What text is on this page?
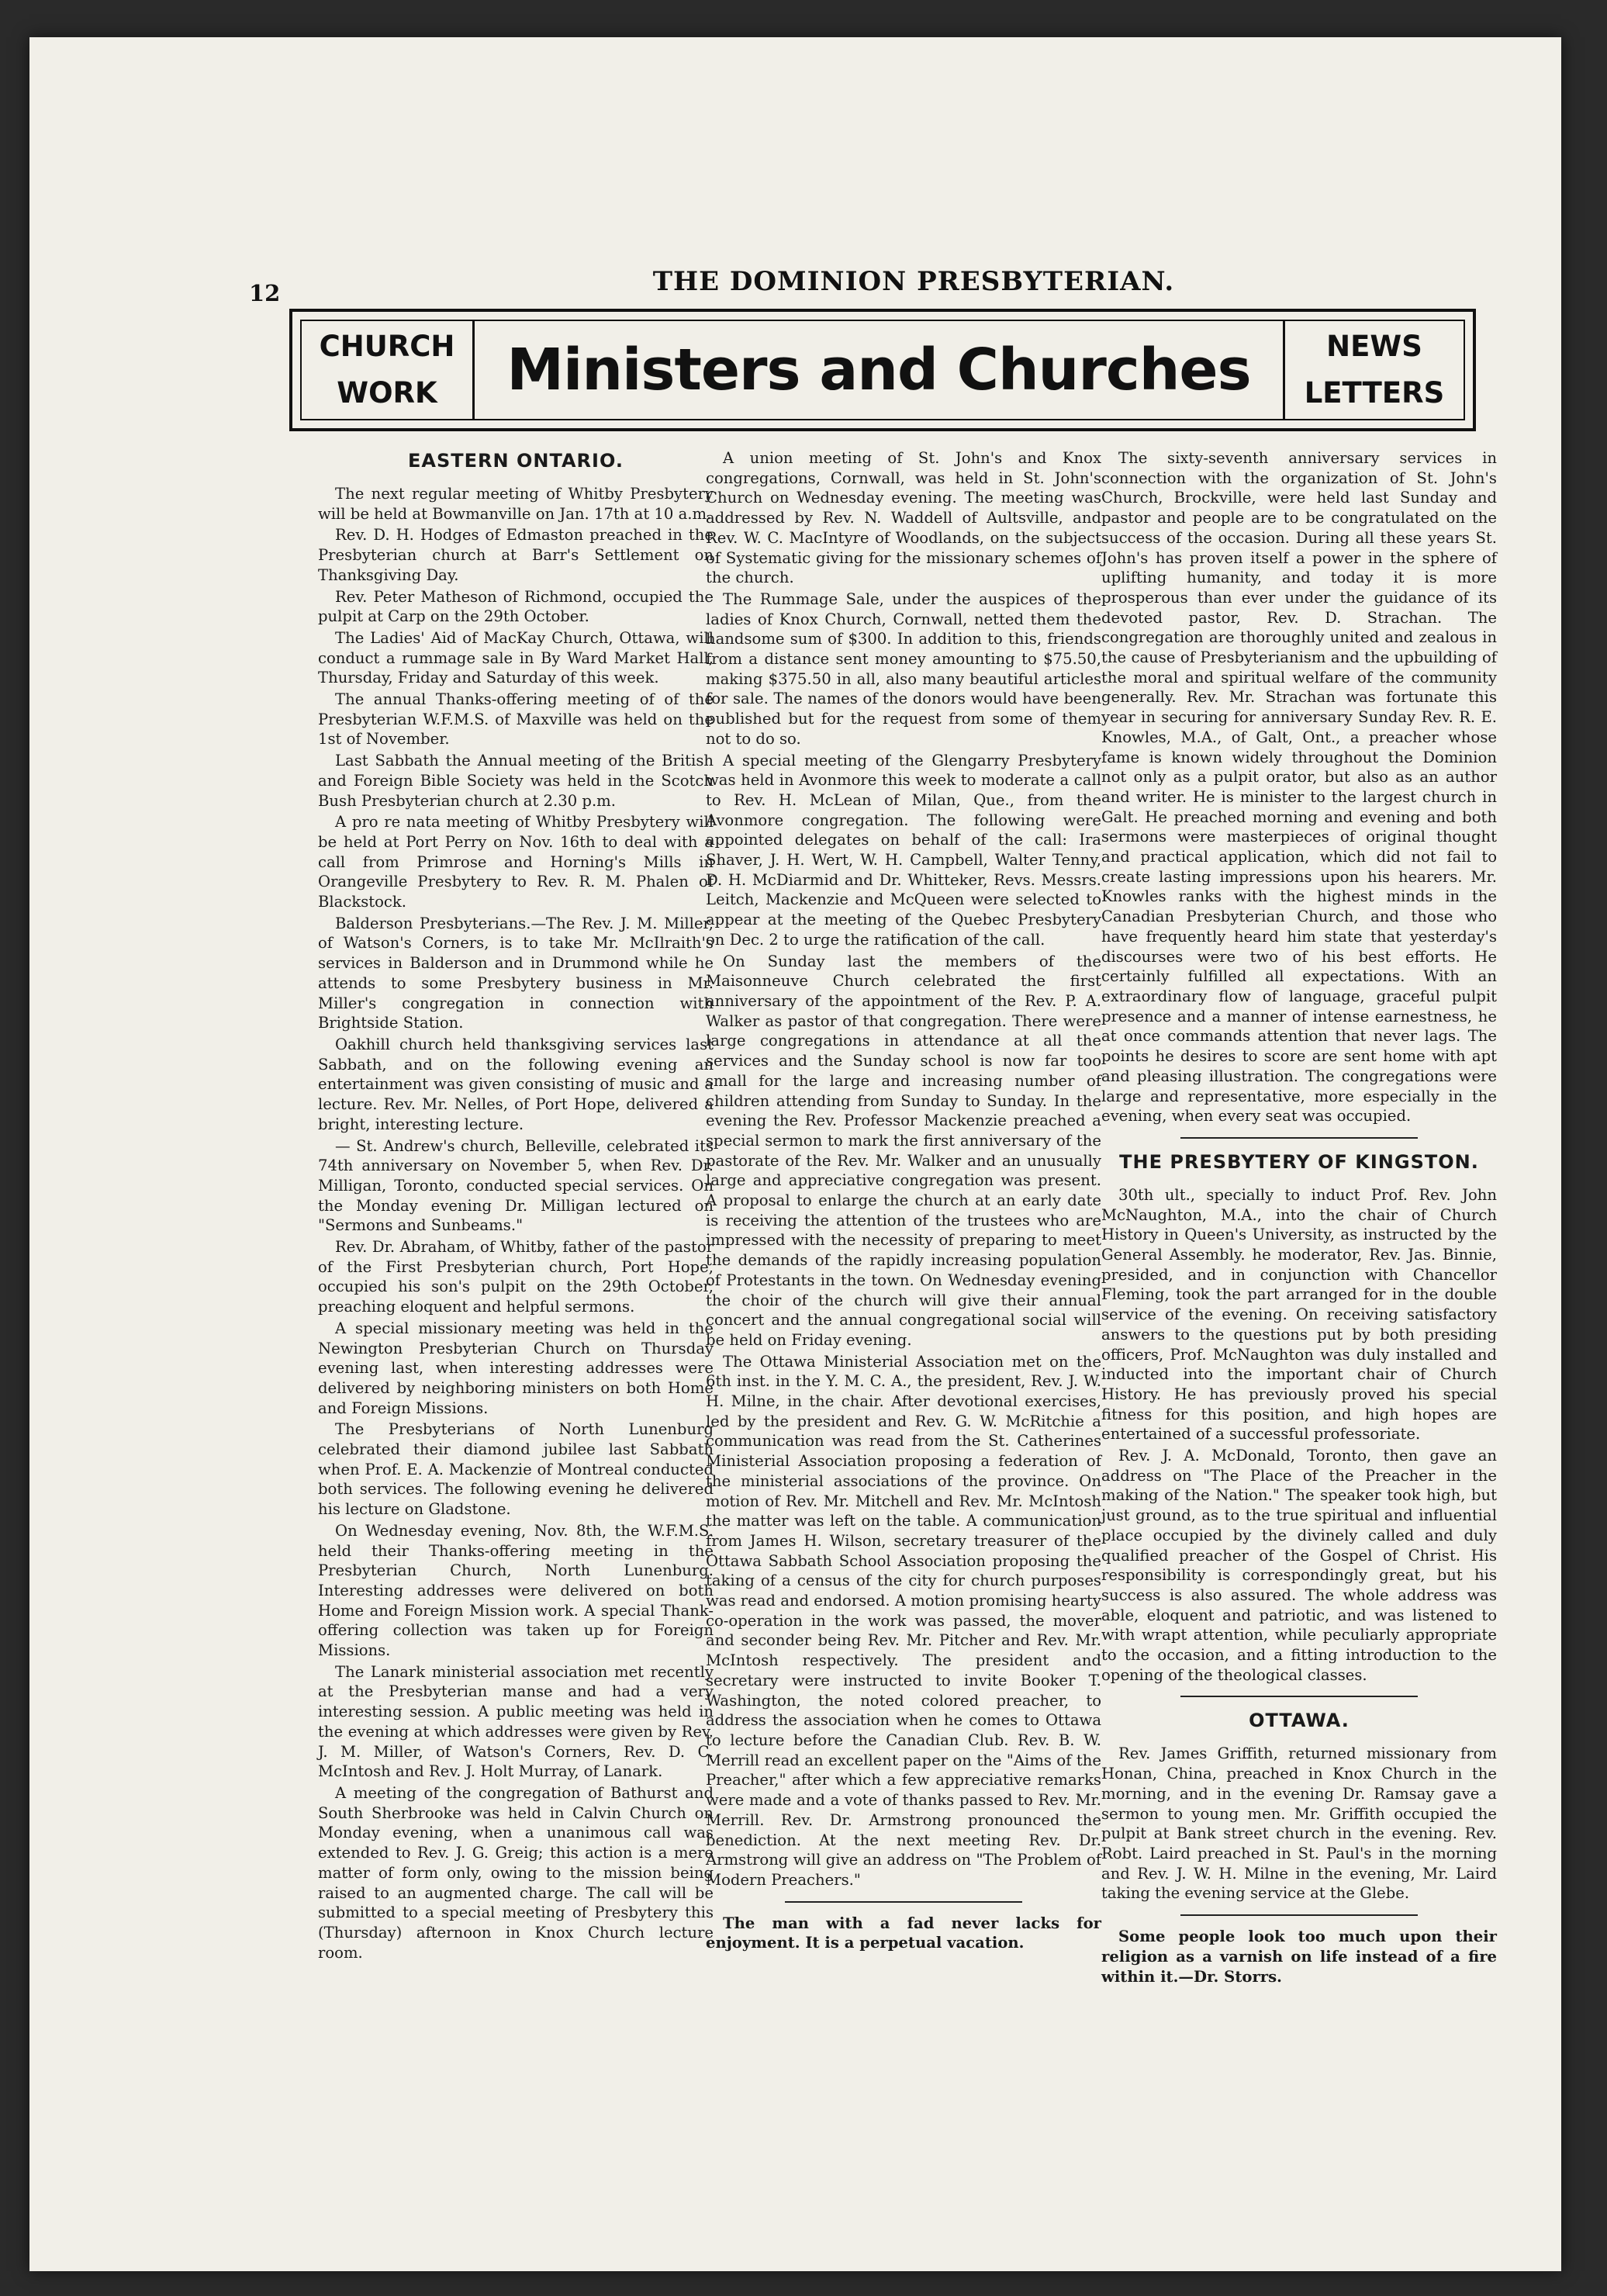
12	THE DOMINION PRESBYTERIAN.
CHURCH
WORK	Ministers and Churches	NEWS
LETTERS
EASTERN ONTARIO.

The next regular meeting of Whitby Presbytery will be held at Bowmanville on Jan. 17th at 10 a.m.

Rev. D. H. Hodges of Edmaston preached in the Presbyterian church at Barr's Settlement on Thanksgiving Day.

Rev. Peter Matheson of Richmond, occupied the pulpit at Carp on the 29th October.

The Ladies' Aid of MacKay Church, Ottawa, will conduct a rummage sale in By Ward Market Hall, Thursday, Friday and Saturday of this week.

The annual Thanks-offering meeting of of the Presbyterian W.F.M.S. of Maxville was held on the 1st of November.

Last Sabbath the Annual meeting of the British and Foreign Bible Society was held in the Scotch Bush Presbyterian church at 2.30 p.m.

A pro re nata meeting of Whitby Presbytery will be held at Port Perry on Nov. 16th to deal with a call from Primrose and Horning's Mills in Orangeville Presbytery to Rev. R. M. Phalen of Blackstock.

Balderson Presbyterians.—The Rev. J. M. Miller, of Watson's Corners, is to take Mr. McIlraith's services in Balderson and in Drummond while he attends to some Presbytery business in Mr. Miller's congregation in connection with Brightside Station.

Oakhill church held thanksgiving services last Sabbath, and on the following evening an entertainment was given consisting of music and a lecture. Rev. Mr. Nelles, of Port Hope, delivered a bright, interesting lecture.

— St. Andrew's church, Belleville, celebrated its 74th anniversary on November 5, when Rev. Dr. Milligan, Toronto, conducted special services. On the Monday evening Dr. Milligan lectured on "Sermons and Sunbeams."

Rev. Dr. Abraham, of Whitby, father of the pastor of the First Presbyterian church, Port Hope, occupied his son's pulpit on the 29th October, preaching eloquent and helpful sermons.

A special missionary meeting was held in the Newington Presbyterian Church on Thursday evening last, when interesting addresses were delivered by neighboring ministers on both Home and Foreign Missions.

The Presbyterians of North Lunenburg celebrated their diamond jubilee last Sabbath when Prof. E. A. Mackenzie of Montreal conducted both services. The following evening he delivered his lecture on Gladstone.

On Wednesday evening, Nov. 8th, the W.F.M.S. held their Thanks-offering meeting in the Presbyterian Church, North Lunenburg. Interesting addresses were delivered on both Home and Foreign Mission work. A special Thank-offering collection was taken up for Foreign Missions.

The Lanark ministerial association met recently at the Presbyterian manse and had a very interesting session. A public meeting was held in the evening at which addresses were given by Rev. J. M. Miller, of Watson's Corners, Rev. D. C. McIntosh and Rev. J. Holt Murray, of Lanark.

A meeting of the congregation of Bathurst and South Sherbrooke was held in Calvin Church on Monday evening, when a unanimous call was extended to Rev. J. G. Greig; this action is a mere matter of form only, owing to the mission being raised to an augmented charge. The call will be submitted to a special meeting of Presbytery this (Thursday) afternoon in Knox Church lecture room.

A union meeting of St. John's and Knox congregations, Cornwall, was held in St. John's Church on Wednesday evening. The meeting was addressed by Rev. N. Waddell of Aultsville, and Rev. W. C. MacIntyre of Woodlands, on the subject of Systematic giving for the missionary schemes of the church.

The Rummage Sale, under the auspices of the ladies of Knox Church, Cornwall, netted them the handsome sum of $300. In addition to this, friends from a distance sent money amounting to $75.50, making $375.50 in all, also many beautiful articles for sale. The names of the donors would have been published but for the request from some of them not to do so.

A special meeting of the Glengarry Presbytery was held in Avonmore this week to moderate a call to Rev. H. McLean of Milan, Que., from the Avonmore congregation. The following were appointed delegates on behalf of the call: Ira Shaver, J. H. Wert, W. H. Campbell, Walter Tenny, D. H. McDiarmid and Dr. Whitteker, Revs. Messrs. Leitch, Mackenzie and McQueen were selected to appear at the meeting of the Quebec Presbytery on Dec. 2 to urge the ratification of the call.

On Sunday last the members of the Maisonneuve Church celebrated the first anniversary of the appointment of the Rev. P. A. Walker as pastor of that congregation. There were large congregations in attendance at all the services and the Sunday school is now far too small for the large and increasing number of children attending from Sunday to Sunday. In the evening the Rev. Professor Mackenzie preached a special sermon to mark the first anniversary of the pastorate of the Rev. Mr. Walker and an unusually large and appreciative congregation was present. A proposal to enlarge the church at an early date is receiving the attention of the trustees who are impressed with the necessity of preparing to meet the demands of the rapidly increasing population of Protestants in the town. On Wednesday evening the choir of the church will give their annual concert and the annual congregational social will be held on Friday evening.

The Ottawa Ministerial Association met on the 6th inst. in the Y. M. C. A., the president, Rev. J. W. H. Milne, in the chair. After devotional exercises, led by the president and Rev. G. W. McRitchie a communication was read from the St. Catherines Ministerial Association proposing a federation of the ministerial associations of the province. On motion of Rev. Mr. Mitchell and Rev. Mr. McIntosh the matter was left on the table. A communication from James H. Wilson, secretary treasurer of the Ottawa Sabbath School Association proposing the taking of a census of the city for church purposes was read and endorsed. A motion promising hearty co-operation in the work was passed, the mover and seconder being Rev. Mr. Pitcher and Rev. Mr. McIntosh respectively. The president and secretary were instructed to invite Booker T. Washington, the noted colored preacher, to address the association when he comes to Ottawa to lecture before the Canadian Club. Rev. B. W. Merrill read an excellent paper on the "Aims of the Preacher," after which a few appreciative remarks were made and a vote of thanks passed to Rev. Mr. Merrill. Rev. Dr. Armstrong pronounced the benediction. At the next meeting Rev. Dr. Armstrong will give an address on "The Problem of Modern Preachers."

The man with a fad never lacks for enjoyment. It is a perpetual vacation.

The sixty-seventh anniversary services in connection with the organization of St. John's Church, Brockville, were held last Sunday and pastor and people are to be congratulated on the success of the occasion. During all these years St. John's has proven itself a power in the sphere of uplifting humanity, and today it is more prosperous than ever under the guidance of its devoted pastor, Rev. D. Strachan. The congregation are thoroughly united and zealous in the cause of Presbyterianism and the upbuilding of the moral and spiritual welfare of the community generally. Rev. Mr. Strachan was fortunate this year in securing for anniversary Sunday Rev. R. E. Knowles, M.A., of Galt, Ont., a preacher whose fame is known widely throughout the Dominion not only as a pulpit orator, but also as an author and writer. He is minister to the largest church in Galt. He preached morning and evening and both sermons were masterpieces of original thought and practical application, which did not fail to create lasting impressions upon his hearers. Mr. Knowles ranks with the highest minds in the Canadian Presbyterian Church, and those who have frequently heard him state that yesterday's discourses were two of his best efforts. He certainly fulfilled all expectations. With an extraordinary flow of language, graceful pulpit presence and a manner of intense earnestness, he at once commands attention that never lags. The points he desires to score are sent home with apt and pleasing illustration. The congregations were large and representative, more especially in the evening, when every seat was occupied.

THE PRESBYTERY OF KINGSTON.

30th ult., specially to induct Prof. Rev. John McNaughton, M.A., into the chair of Church History in Queen's University, as instructed by the General Assembly. he moderator, Rev. Jas. Binnie, presided, and in conjunction with Chancellor Fleming, took the part arranged for in the double service of the evening. On receiving satisfactory answers to the questions put by both presiding officers, Prof. McNaughton was duly installed and inducted into the important chair of Church History. He has previously proved his special fitness for this position, and high hopes are entertained of a successful professoriate.

Rev. J. A. McDonald, Toronto, then gave an address on "The Place of the Preacher in the making of the Nation." The speaker took high, but just ground, as to the true spiritual and influential place occupied by the divinely called and duly qualified preacher of the Gospel of Christ. His responsibility is correspondingly great, but his success is also assured. The whole address was able, eloquent and patriotic, and was listened to with wrapt attention, while peculiarly appropriate to the occasion, and a fitting introduction to the opening of the theological classes.

OTTAWA.

Rev. James Griffith, returned missionary from Honan, China, preached in Knox Church in the morning, and in the evening Dr. Ramsay gave a sermon to young men. Mr. Griffith occupied the pulpit at Bank street church in the evening. Rev. Robt. Laird preached in St. Paul's in the morning and Rev. J. W. H. Milne in the evening, Mr. Laird taking the evening service at the Glebe.

Some people look too much upon their religion as a varnish on life instead of a fire within it.—Dr. Storrs.
